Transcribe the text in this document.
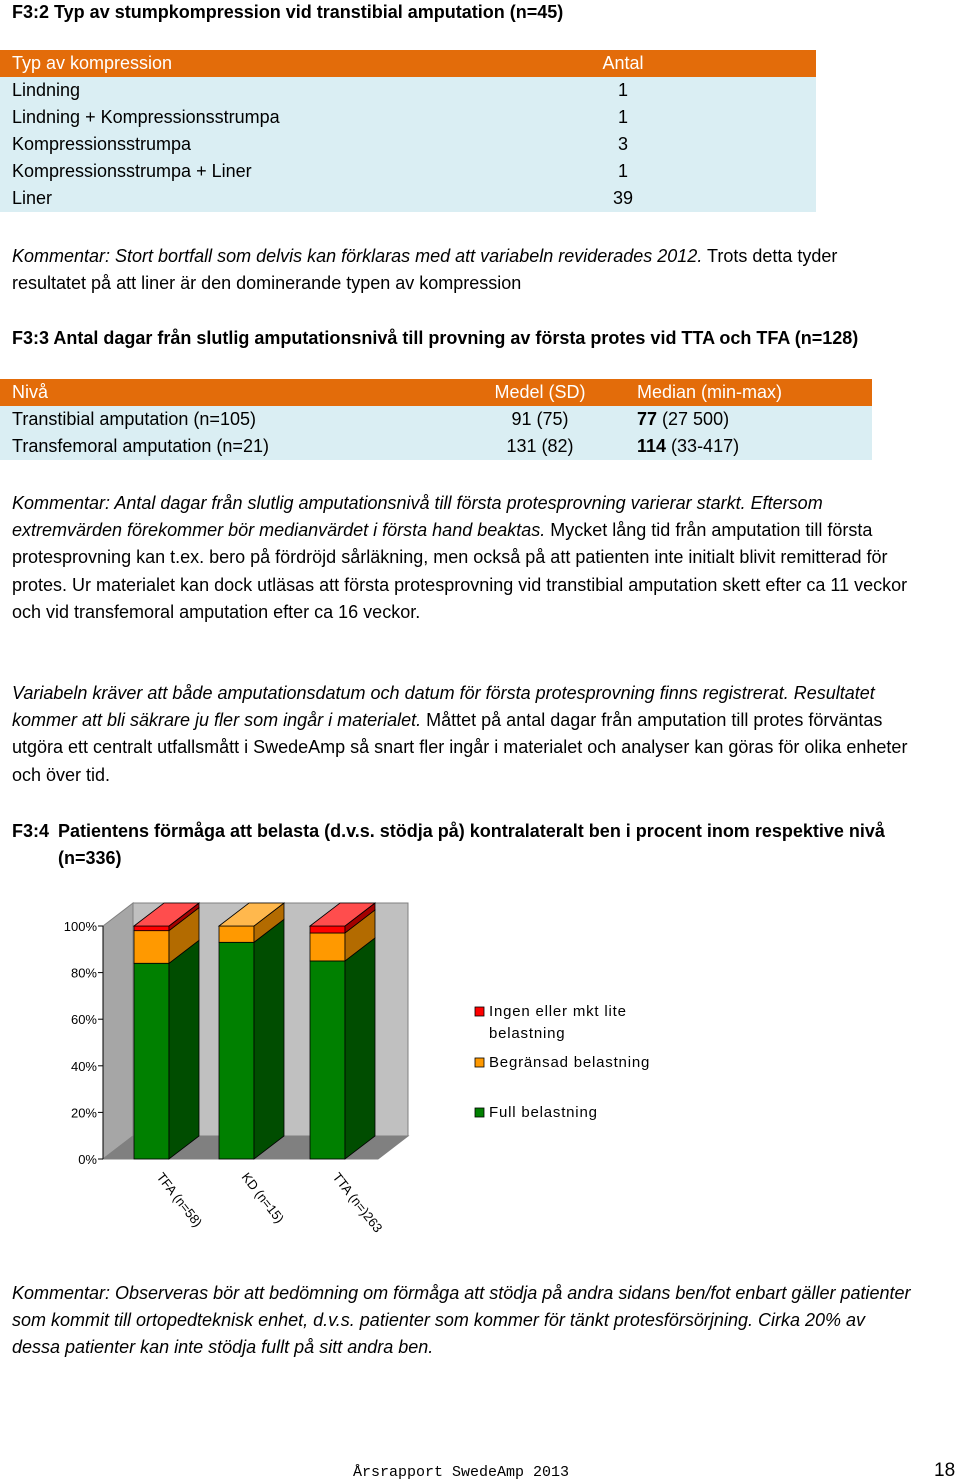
F3:2 Typ av stumpkompression vid transtibial amputation (n=45)
Typ av kompression	Antal
Lindning	1
Lindning + Kompressionsstrumpa	1
Kompressionsstrumpa	3
Kompressionsstrumpa + Liner	1
Liner	39
Kommentar: Stort bortfall som delvis kan förklaras med att variabeln reviderades 2012. Trots detta tyder resultatet på att liner är den dominerande typen av kompression
F3:3 Antal dagar från slutlig amputationsnivå till provning av första protes vid TTA och TFA (n=128)
Nivå	Medel (SD)	Median (min-max)
Transtibial amputation (n=105)	91 (75)	77 (27 500)
Transfemoral amputation (n=21)	131 (82)	114 (33-417)
Kommentar: Antal dagar från slutlig amputationsnivå till första protesprovning varierar starkt. Eftersom extremvärden förekommer bör medianvärdet i första hand beaktas. Mycket lång tid från amputation till första protesprovning kan t.ex. bero på fördröjd sårläkning, men också på att patienten inte initialt blivit remitterad för protes. Ur materialet kan dock utläsas att första protesprovning vid transtibial amputation skett efter ca 11 veckor och vid transfemoral amputation efter ca 16 veckor.
Variabeln kräver att både amputationsdatum och datum för första protesprovning finns registrerat. Resultatet kommer att bli säkrare ju fler som ingår i materialet. Måttet på antal dagar från amputation till protes förväntas utgöra ett centralt utfallsmått i SwedeAmp så snart fler ingår i materialet och analyser kan göras för olika enheter och över tid.
F3:4 Patientens förmåga att belasta (d.v.s. stödja på) kontralateralt ben i procent inom respektive nivå (n=336)
0%
20%
40%
60%
80%
100%
TFA (n=58)	KD (n=15)	TTA (n=)263
Ingen eller mkt lite belastning
Begränsad belastning
Full belastning
Kommentar: Observeras bör att bedömning om förmåga att stödja på andra sidans ben/fot enbart gäller patienter som kommit till ortopedteknisk enhet, d.v.s. patienter som kommer för tänkt protesförsörjning. Cirka 20% av dessa patienter kan inte stödja fullt på sitt andra ben.
Årsrapport SwedeAmp 2013	18
